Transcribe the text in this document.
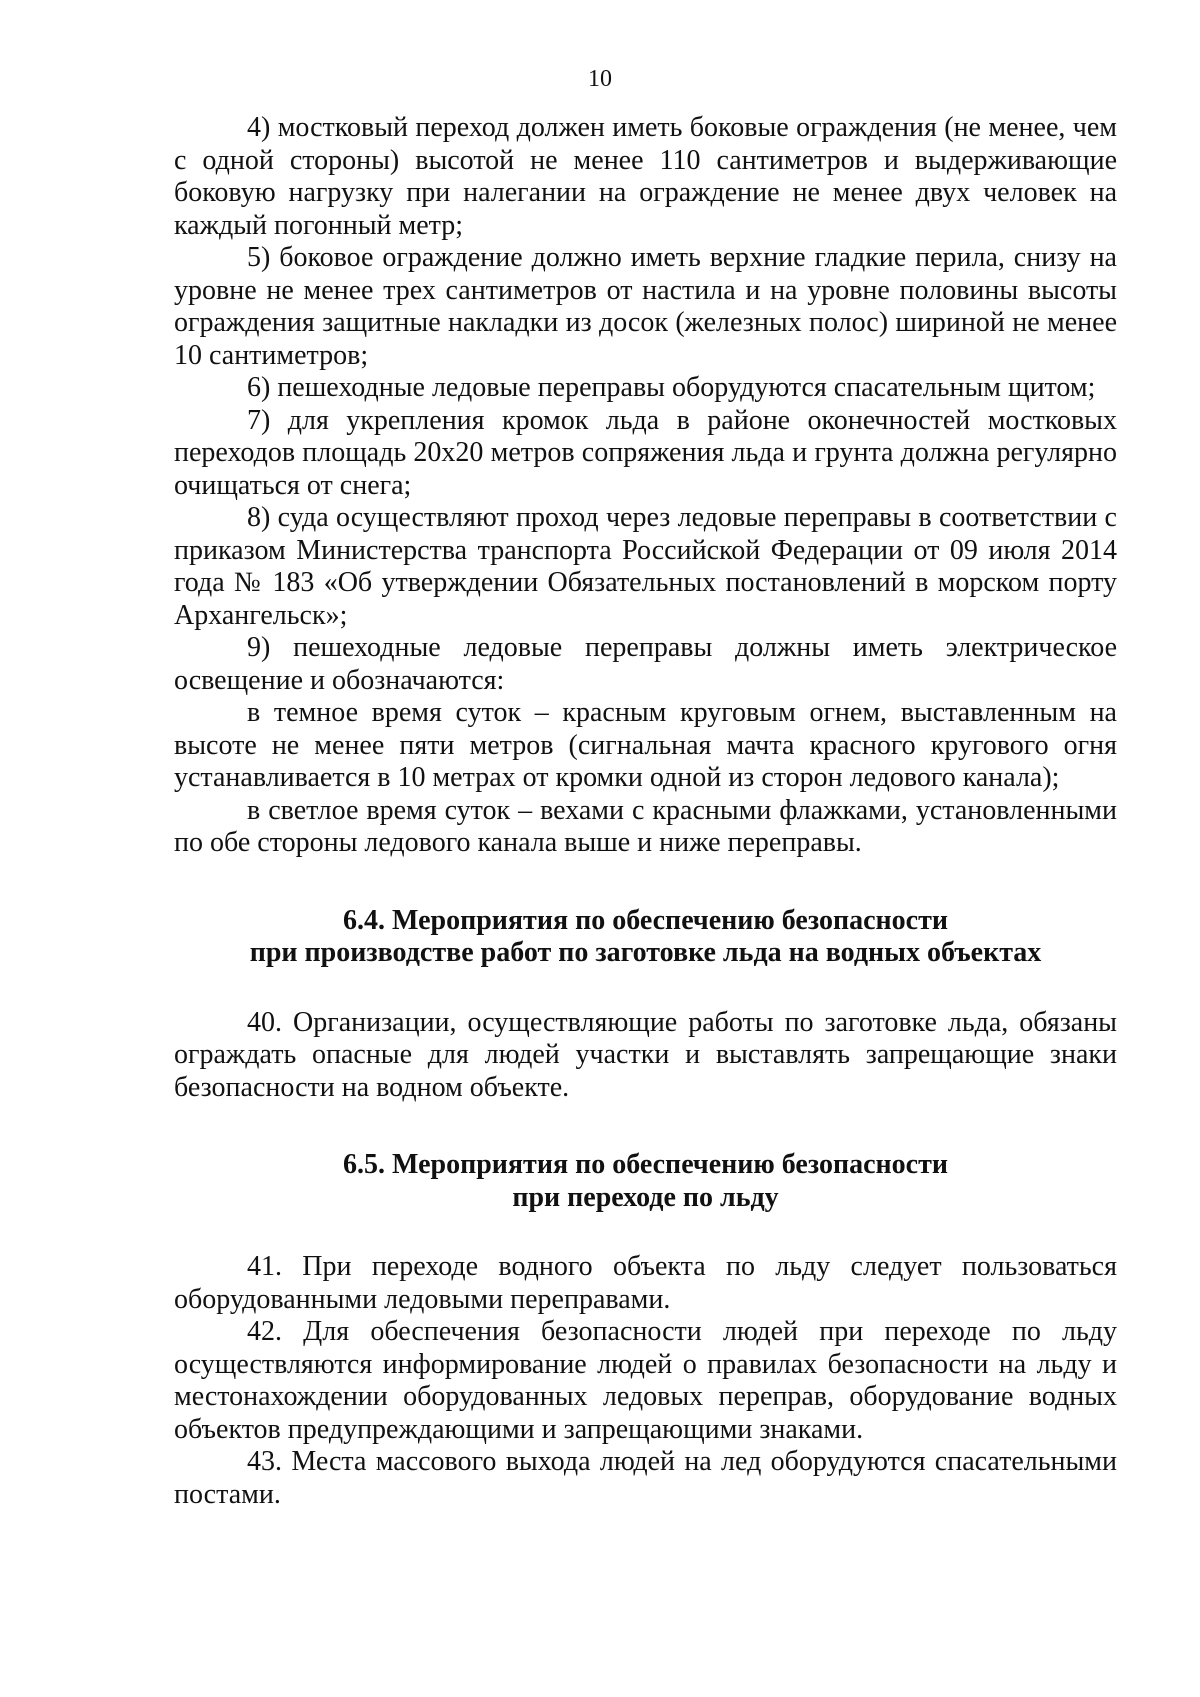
10

4) мостковый переход должен иметь боковые ограждения (не менее, чем с одной стороны) высотой не менее 110 сантиметров и выдерживающие боковую нагрузку при налегании на ограждение не менее двух человек на каждый погонный метр;

5) боковое ограждение должно иметь верхние гладкие перила, снизу на уровне не менее трех сантиметров от настила и на уровне половины высоты ограждения защитные накладки из досок (железных полос) шириной не менее 10 сантиметров;

6) пешеходные ледовые переправы оборудуются спасательным щитом;

7) для укрепления кромок льда в районе оконечностей мостковых переходов площадь 20х20 метров сопряжения льда и грунта должна регулярно очищаться от снега;

8) суда осуществляют проход через ледовые переправы в соответствии с приказом Министерства транспорта Российской Федерации от 09 июля 2014 года № 183 «Об утверждении Обязательных постановлений в морском порту Архангельск»;

9) пешеходные ледовые переправы должны иметь электрическое освещение и обозначаются:

в темное время суток – красным круговым огнем, выставленным на высоте не менее пяти метров (сигнальная мачта красного кругового огня устанавливается в 10 метрах от кромки одной из сторон ледового канала);

в светлое время суток – вехами с красными флажками, установленными по обе стороны ледового канала выше и ниже переправы.

6.4. Мероприятия по обеспечению безопасности

при производстве работ по заготовке льда на водных объектах

40. Организации, осуществляющие работы по заготовке льда, обязаны ограждать опасные для людей участки и выставлять запрещающие знаки безопасности на водном объекте.

6.5. Мероприятия по обеспечению безопасности

при переходе по льду

41. При переходе водного объекта по льду следует пользоваться оборудованными ледовыми переправами.

42. Для обеспечения безопасности людей при переходе по льду осуществляются информирование людей о правилах безопасности на льду и местонахождении оборудованных ледовых переправ, оборудование водных объектов предупреждающими и запрещающими знаками.

43. Места массового выхода людей на лед оборудуются спасательными постами.
